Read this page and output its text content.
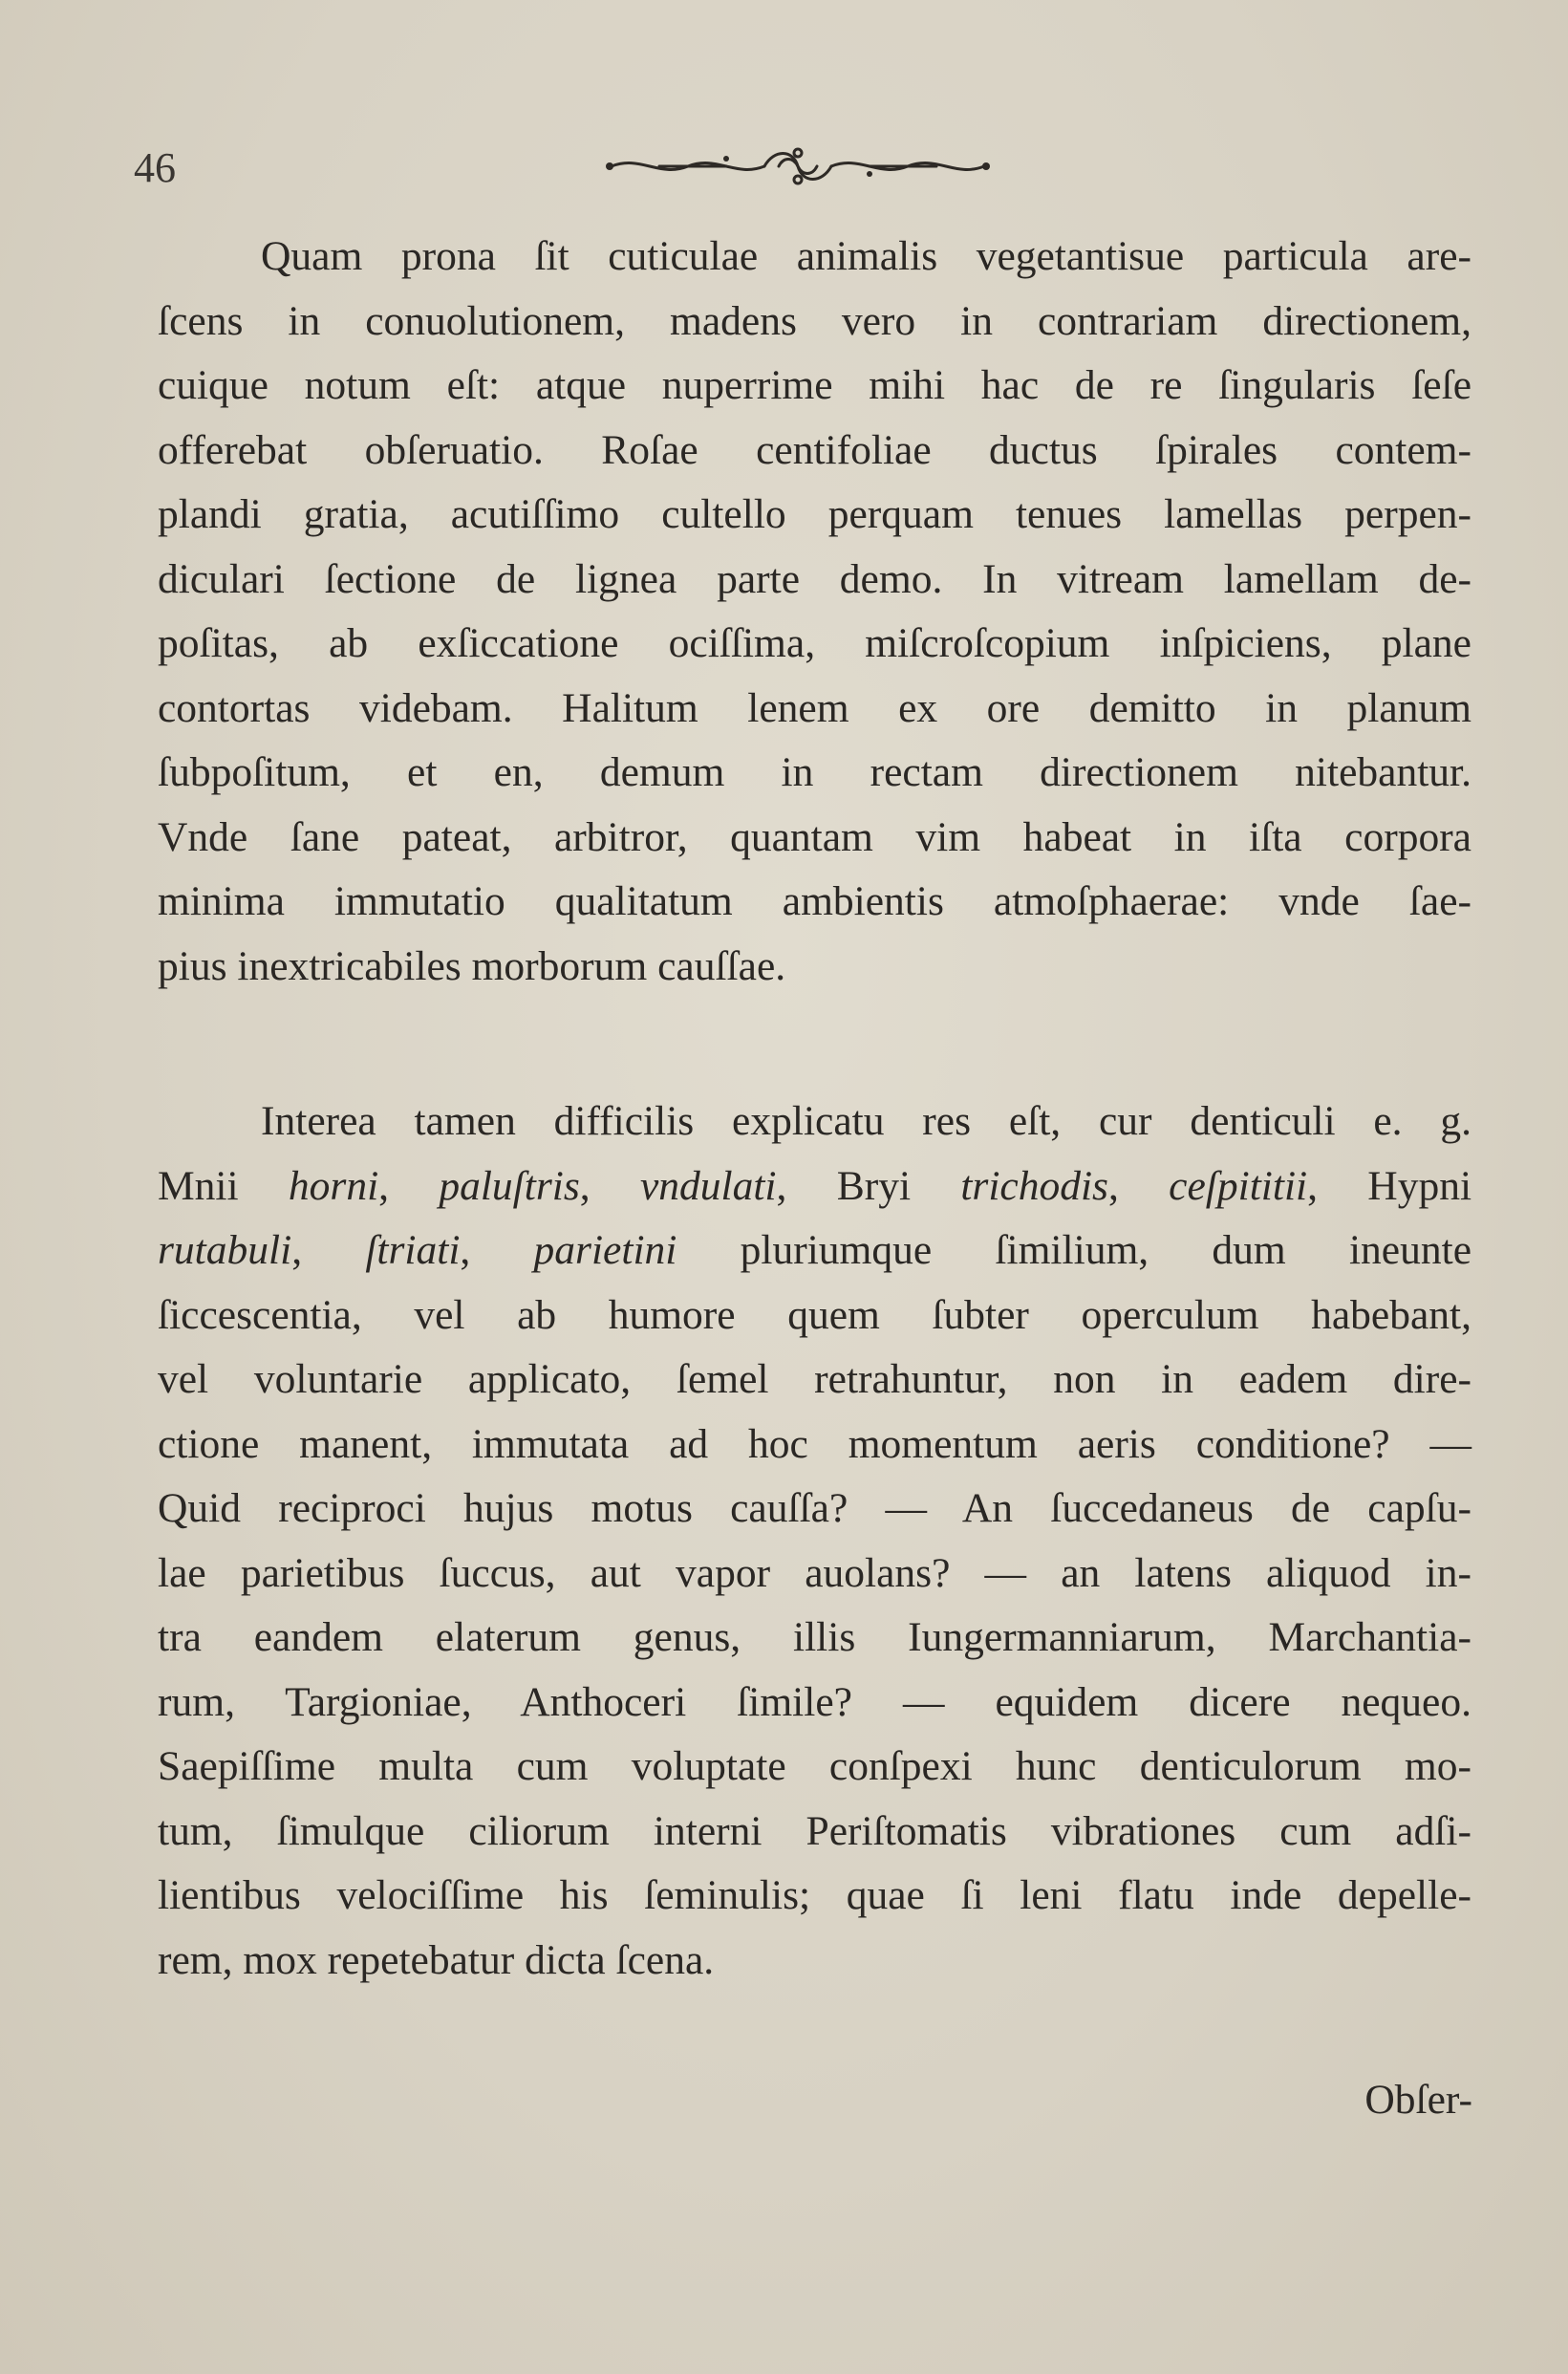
46
Quam prona ſit cuticulae animalis vegetantisue particula are-
ſcens in conuolutionem, madens vero in contrariam directionem,
cuique notum eſt: atque nuperrime mihi hac de re ſingularis ſeſe
offerebat obſeruatio. Roſae centifoliae ductus ſpirales contem-
plandi gratia, acutiſſimo cultello perquam tenues lamellas perpen-
diculari ſectione de lignea parte demo. In vitream lamellam de-
poſitas, ab exſiccatione ociſſima, miſcroſcopium inſpiciens, plane
contortas videbam. Halitum lenem ex ore demitto in planum
ſubpoſitum, et en, demum in rectam directionem nitebantur.
Vnde ſane pateat, arbitror, quantam vim habeat in iſta corpora
minima immutatio qualitatum ambientis atmoſphaerae: vnde ſae-
pius inextricabiles morborum cauſſae.
Interea tamen difficilis explicatu res eſt, cur denticuli e. g.
Mnii horni, paluſtris, vndulati, Bryi trichodis, ceſpititii, Hypni
rutabuli, ſtriati, parietini pluriumque ſimilium, dum ineunte
ſiccescentia, vel ab humore quem ſubter operculum habebant,
vel voluntarie applicato, ſemel retrahuntur, non in eadem dire-
ctione manent, immutata ad hoc momentum aeris conditione? —
Quid reciproci hujus motus cauſſa? — An ſuccedaneus de capſu-
lae parietibus ſuccus, aut vapor auolans? — an latens aliquod in-
tra eandem elaterum genus, illis Iungermanniarum, Marchantia-
rum, Targioniae, Anthoceri ſimile? — equidem dicere nequeo.
Saepiſſime multa cum voluptate conſpexi hunc denticulorum mo-
tum, ſimulque ciliorum interni Periſtomatis vibrationes cum adſi-
lientibus velociſſime his ſeminulis; quae ſi leni flatu inde depelle-
rem, mox repetebatur dicta ſcena.
Obſer-
